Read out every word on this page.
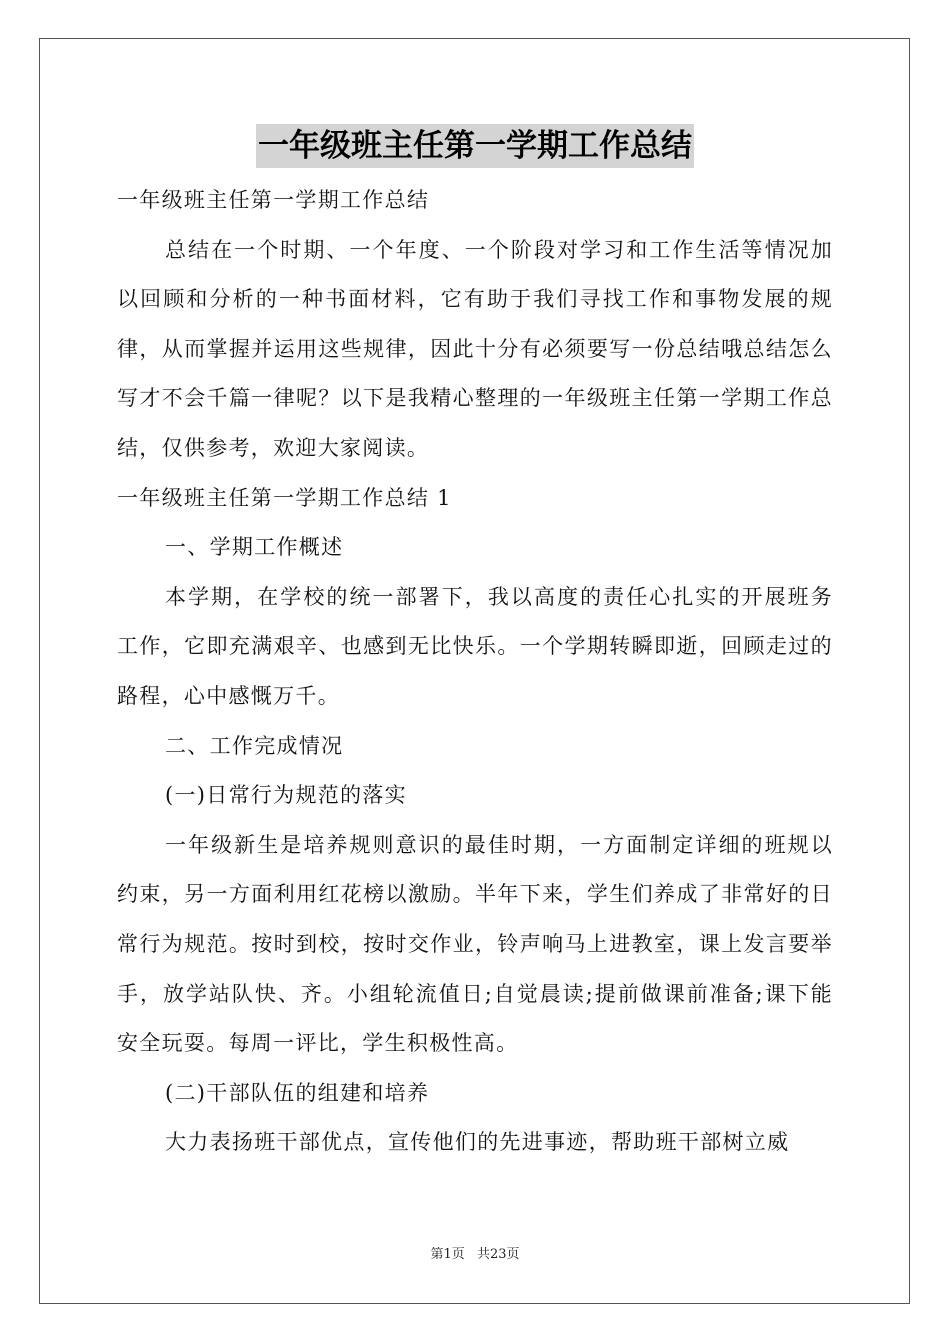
一年级班主任第一学期工作总结

一年级班主任第一学期工作总结

总结在一个时期、一个年度、一个阶段对学习和工作生活等情况加以回顾和分析的一种书面材料，它有助于我们寻找工作和事物发展的规律，从而掌握并运用这些规律，因此十分有必须要写一份总结哦总结怎么写才不会千篇一律呢？以下是我精心整理的一年级班主任第一学期工作总结，仅供参考，欢迎大家阅读。

一年级班主任第一学期工作总结 1

一、学期工作概述

本学期，在学校的统一部署下，我以高度的责任心扎实的开展班务工作，它即充满艰辛、也感到无比快乐。一个学期转瞬即逝，回顾走过的路程，心中感慨万千。

二、工作完成情况

(一)日常行为规范的落实

一年级新生是培养规则意识的最佳时期，一方面制定详细的班规以约束，另一方面利用红花榜以激励。半年下来，学生们养成了非常好的日常行为规范。按时到校，按时交作业，铃声响马上进教室，课上发言要举手，放学站队快、齐。小组轮流值日;自觉晨读;提前做课前准备;课下能安全玩耍。每周一评比，学生积极性高。

(二)干部队伍的组建和培养

大力表扬班干部优点，宣传他们的先进事迹，帮助班干部树立威

第1页 共23页
